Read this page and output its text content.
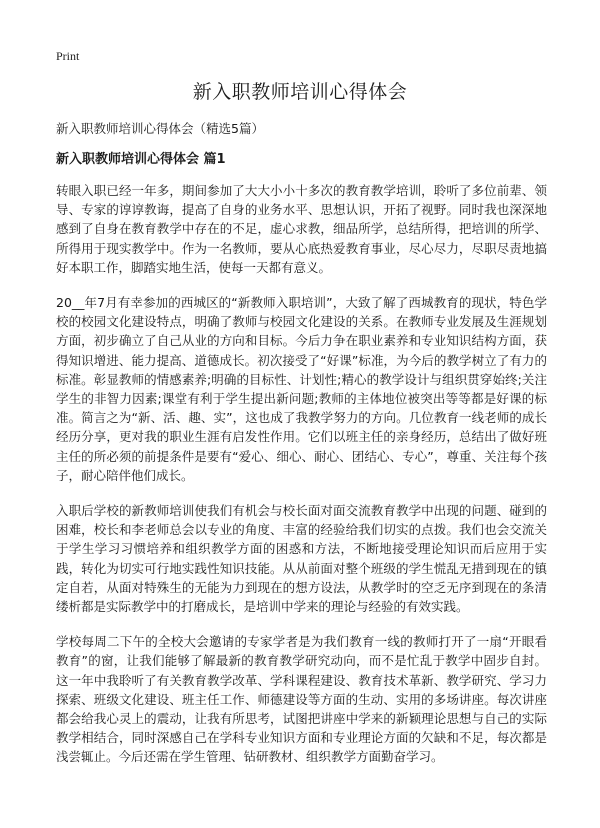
Print
新入职教师培训心得体会
新入职教师培训心得体会（精选5篇）
新入职教师培训心得体会 篇1

转眼入职已经一年多，期间参加了大大小小十多次的教育教学培训，聆听了多位前辈、领导、专家的谆谆教诲，提高了自身的业务水平、思想认识，开拓了视野。同时我也深深地感到了自身在教育教学中存在的不足，虚心求教，细品所学，总结所得，把培训的所学、所得用于现实教学中。作为一名教师，要从心底热爱教育事业，尽心尽力，尽职尽责地搞好本职工作，脚踏实地生活，使每一天都有意义。

20__年7月有幸参加的西城区的“新教师入职培训”，大致了解了西城教育的现状，特色学校的校园文化建设特点，明确了教师与校园文化建设的关系。在教师专业发展及生涯规划方面，初步确立了自己从业的方向和目标。今后力争在职业素养和专业知识结构方面，获得知识增进、能力提高、道德成长。初次接受了“好课”标准，为今后的教学树立了有力的标准。彰显教师的情感素养;明确的目标性、计划性;精心的教学设计与组织贯穿始终;关注学生的非智力因素;课堂有利于学生提出新问题;教师的主体地位被突出等等都是好课的标准。简言之为“新、活、趣、实”，这也成了我教学努力的方向。几位教育一线老师的成长经历分享，更对我的职业生涯有启发性作用。它们以班主任的亲身经历，总结出了做好班主任的所必须的前提条件是要有“爱心、细心、耐心、团结心、专心”，尊重、关注每个孩子，耐心陪伴他们成长。

入职后学校的新教师培训使我们有机会与校长面对面交流教育教学中出现的问题、碰到的困难，校长和李老师总会以专业的角度、丰富的经验给我们切实的点拨。我们也会交流关于学生学习习惯培养和组织教学方面的困惑和方法，不断地接受理论知识而后应用于实践，转化为切实可行地实践性知识技能。从从前面对整个班级的学生慌乱无措到现在的镇定自若，从面对特殊生的无能为力到现在的想方设法，从教学时的空乏无序到现在的条清缕析都是实际教学中的打磨成长，是培训中学来的理论与经验的有效实践。

学校每周二下午的全校大会邀请的专家学者是为我们教育一线的教师打开了一扇“开眼看教育”的窗，让我们能够了解最新的教育教学研究动向，而不是忙乱于教学中固步自封。这一年中我聆听了有关教育教学改革、学科课程建设、教育技术革新、教学研究、学习力探索、班级文化建设、班主任工作、师德建设等方面的生动、实用的多场讲座。每次讲座都会给我心灵上的震动，让我有所思考，试图把讲座中学来的新颖理论思想与自己的实际教学相结合，同时深感自己在学科专业知识方面和专业理论方面的欠缺和不足，每次都是浅尝辄止。今后还需在学生管理、钻研教材、组织教学方面勤奋学习。
